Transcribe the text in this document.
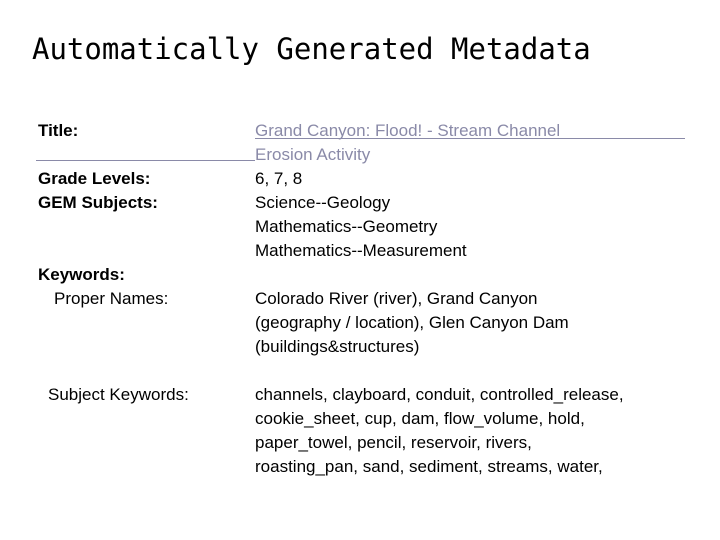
Automatically Generated Metadata
Title:	Grand Canyon: Flood! - Stream Channel
Erosion Activity
Grade Levels:	6, 7, 8
GEM Subjects:	Science--Geology
Mathematics--Geometry
Mathematics--Measurement
Keywords:
Proper Names:	Colorado River (river), Grand Canyon
(geography / location), Glen Canyon Dam
(buildings&structures)
Subject Keywords:	channels, clayboard, conduit, controlled_release,
cookie_sheet, cup, dam, flow_volume, hold,
paper_towel, pencil, reservoir, rivers,
roasting_pan, sand, sediment, streams, water,
